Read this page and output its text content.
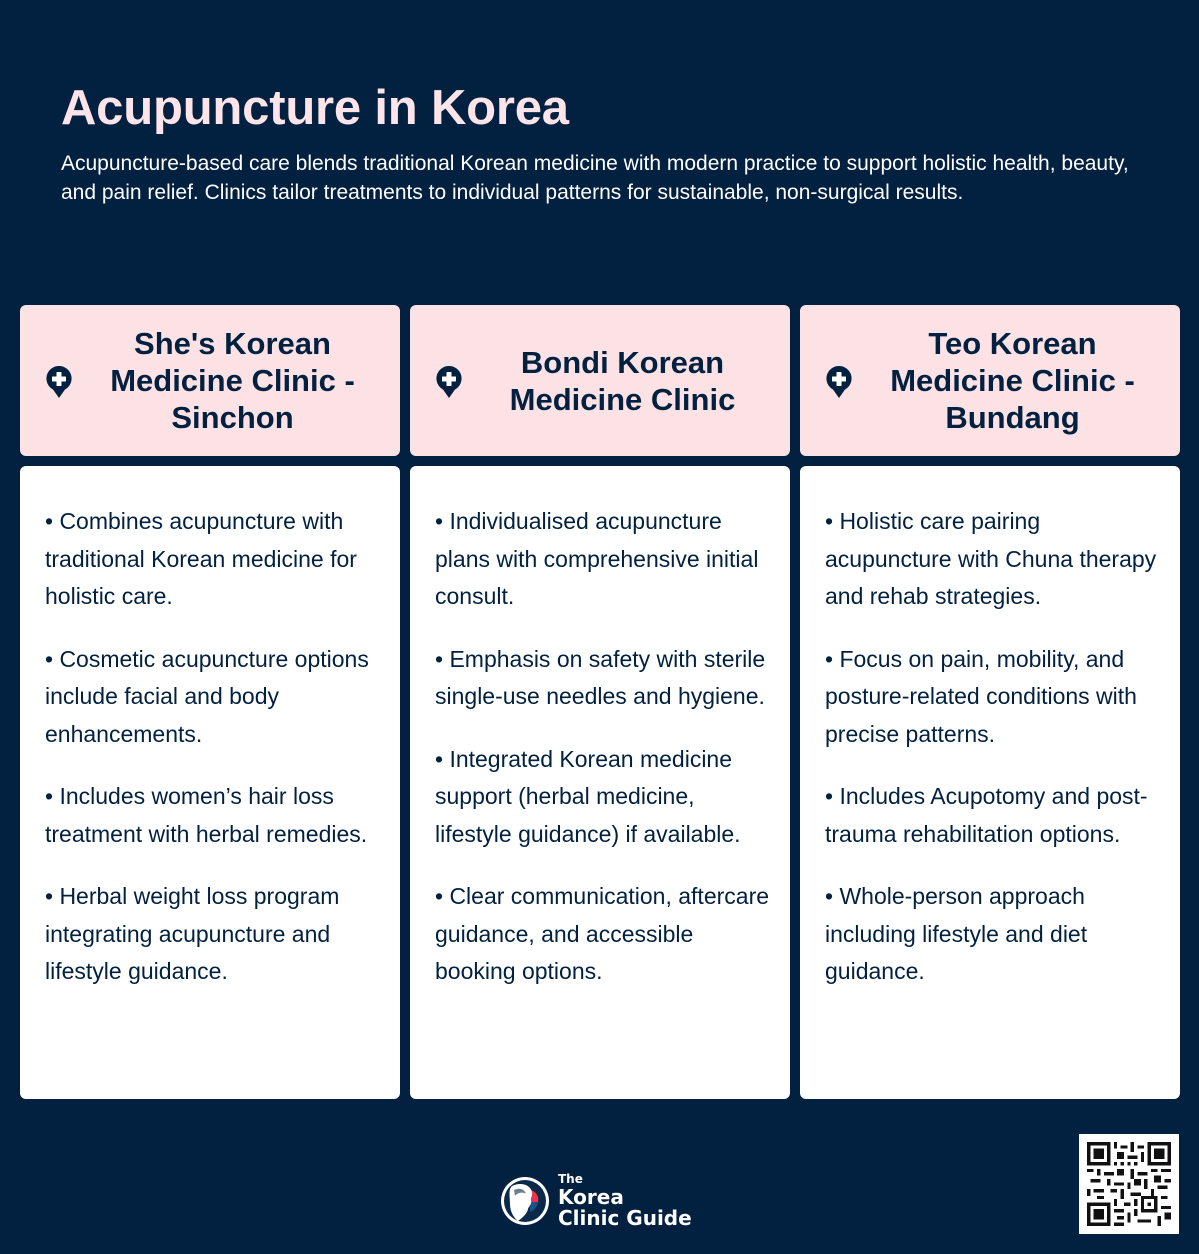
Acupuncture in Korea

Acupuncture-based care blends traditional Korean medicine with modern practice to support holistic health, beauty, and pain relief. Clinics tailor treatments to individual patterns for sustainable, non-surgical results.

She's Korean Medicine Clinic - Sinchon

• Combines acupuncture with traditional Korean medicine for holistic care.

• Cosmetic acupuncture options include facial and body enhancements.

• Includes women’s hair loss treatment with herbal remedies.

• Herbal weight loss program integrating acupuncture and lifestyle guidance.

Bondi Korean Medicine Clinic

• Individualised acupuncture plans with comprehensive initial consult.

• Emphasis on safety with sterile single-use needles and hygiene.

• Integrated Korean medicine support (herbal medicine, lifestyle guidance) if available.

• Clear communication, aftercare guidance, and accessible booking options.

Teo Korean Medicine Clinic - Bundang

• Holistic care pairing acupuncture with Chuna therapy and rehab strategies.

• Focus on pain, mobility, and posture-related conditions with precise patterns.

• Includes Acupotomy and post-trauma rehabilitation options.

• Whole-person approach including lifestyle and diet guidance.

The
Korea
Clinic Guide
